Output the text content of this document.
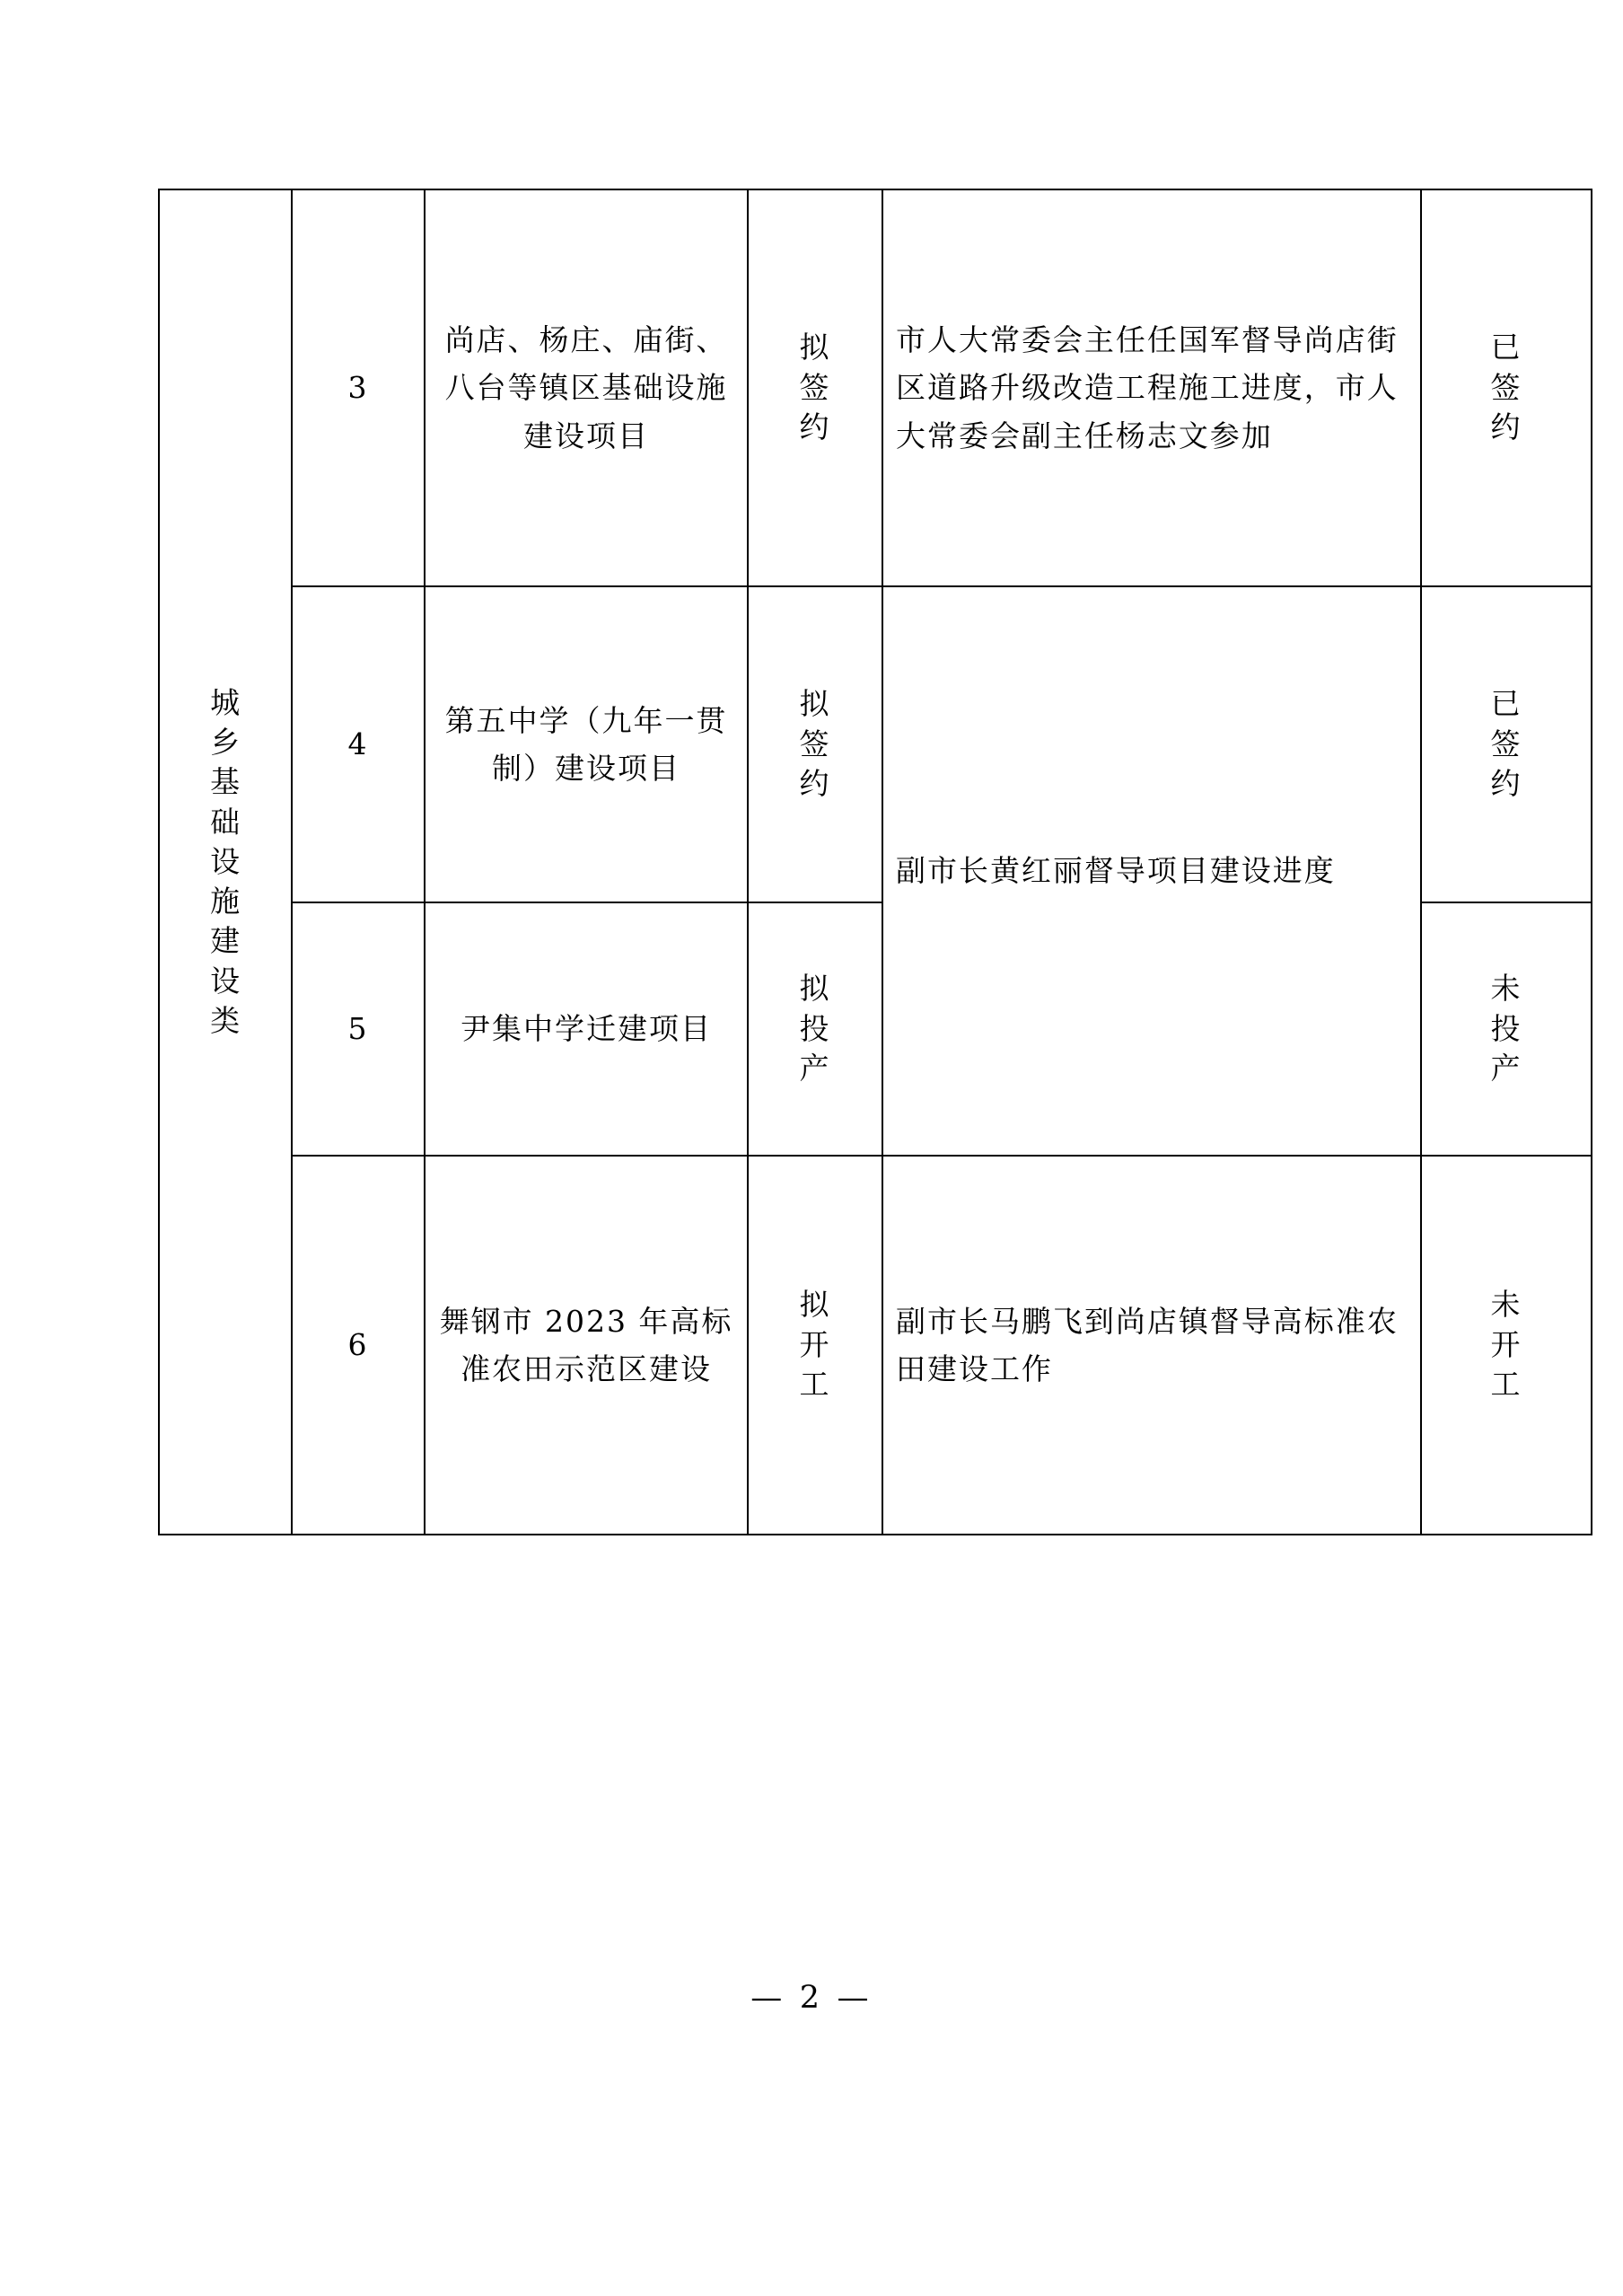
城乡基础设施建设类	3	尚店、杨庄、庙街、八台等镇区基础设施建设项目	拟签约	市人大常委会主任任国军督导尚店街区道路升级改造工程施工进度，市人大常委会副主任杨志文参加	已签约

	4	第五中学（九年一贯制）建设项目	拟签约	副市长黄红丽督导项目建设进度	已签约

	5	尹集中学迁建项目	拟投产		未投产

	6	舞钢市 2023 年高标准农田示范区建设	拟开工	副市长马鹏飞到尚店镇督导高标准农田建设工作	未开工
— 2 —
